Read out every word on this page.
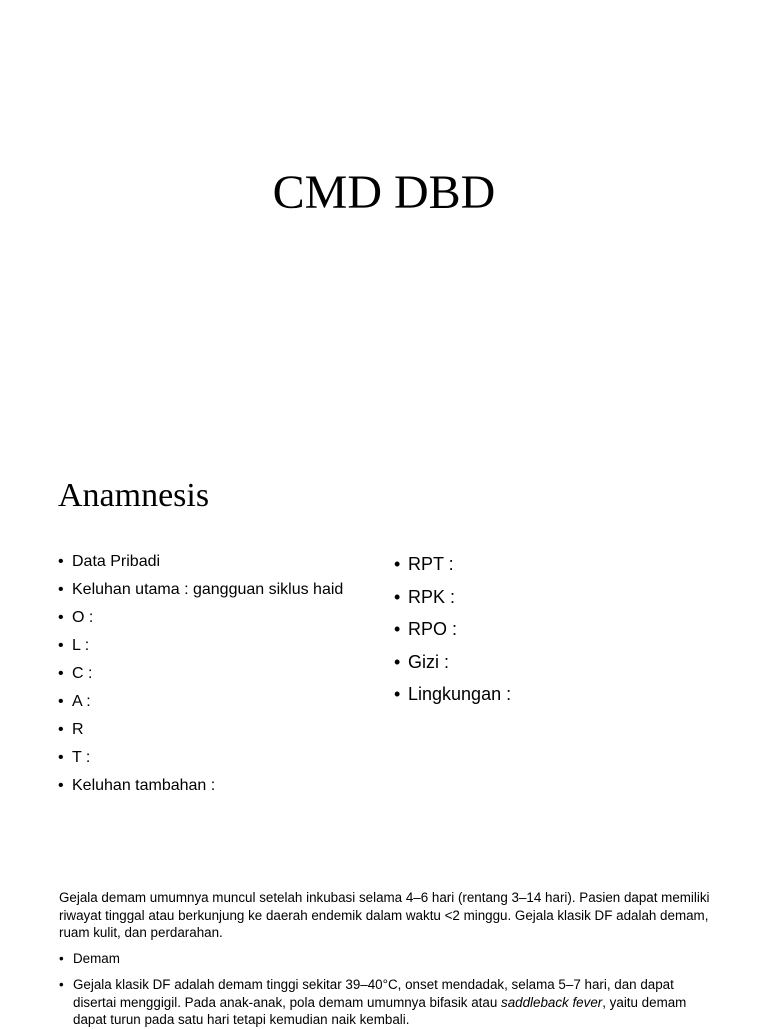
CMD DBD
Anamnesis
• Data Pribadi
• Keluhan utama : gangguan siklus haid
• O :
• L :
• C :
• A :
• R
• T :
• Keluhan tambahan :
• RPT :
• RPK :
• RPO :
• Gizi :
• Lingkungan :

Gejala demam umumnya muncul setelah inkubasi selama 4–6 hari (rentang 3–14 hari). Pasien dapat memiliki riwayat tinggal atau berkunjung ke daerah endemik dalam waktu <2 minggu. Gejala klasik DF adalah demam, ruam kulit, dan perdarahan.

• Demam
• Gejala klasik DF adalah demam tinggi sekitar 39–40°C, onset mendadak, selama 5–7 hari, dan dapat disertai menggigil. Pada anak-anak, pola demam umumnya bifasik atau saddleback fever, yaitu demam dapat turun pada satu hari tetapi kemudian naik kembali.
